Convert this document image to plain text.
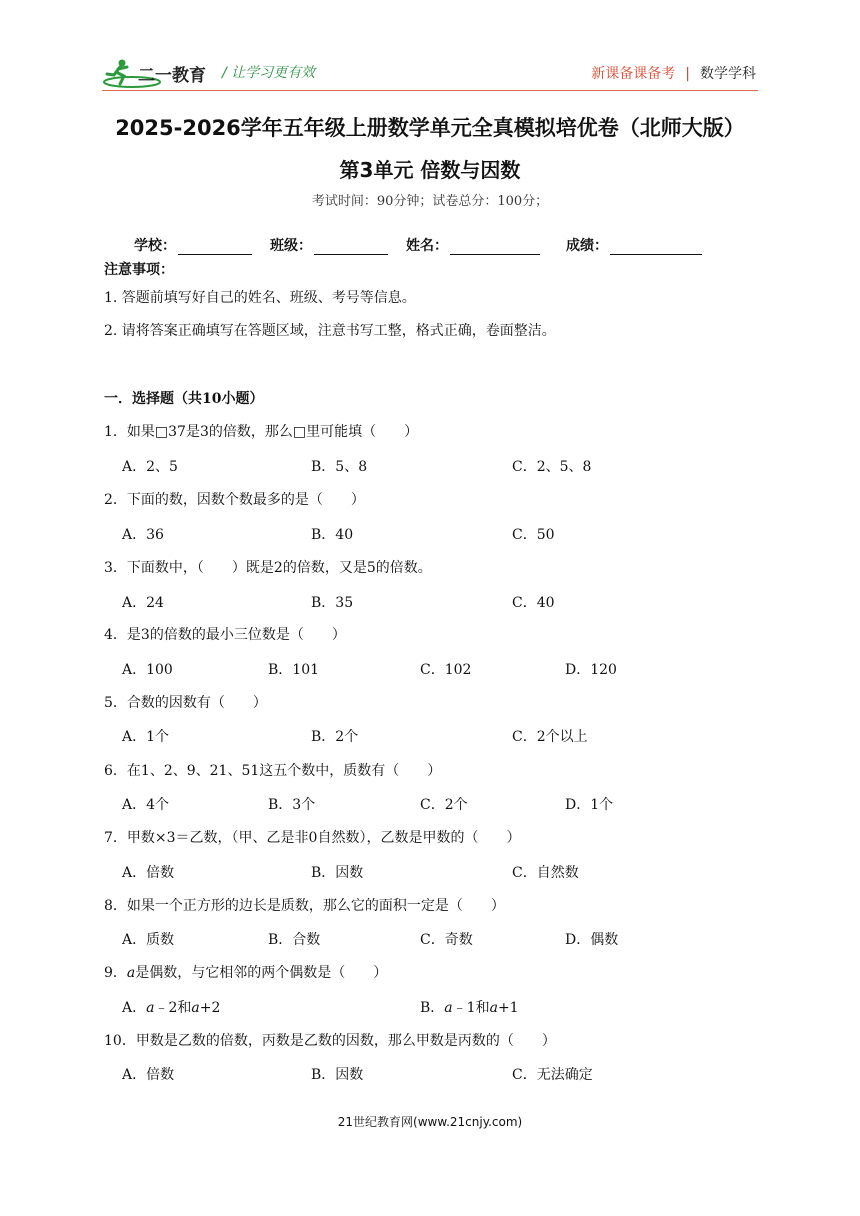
二一教育 / 让学习更有效	新课备课备考 | 数学学科
2025-2026学年五年级上册数学单元全真模拟培优卷（北师大版）
第3单元 倍数与因数
考试时间：90分钟；试卷总分：100分；
学校：	班级：	姓名：	成绩：
注意事项：
1. 答题前填写好自己的姓名、班级、考号等信息。
2. 请将答案正确填写在答题区域，注意书写工整，格式正确，卷面整洁。
一．选择题（共10小题）
1．如果□37是3的倍数，那么□里可能填（　　）
A．2、5	B．5、8	C．2、5、8
2．下面的数，因数个数最多的是（　　）
A．36	B．40	C．50
3．下面数中，（　　）既是2的倍数，又是5的倍数。
A．24	B．35	C．40
4．是3的倍数的最小三位数是（　　）
A．100	B．101	C．102	D．120
5．合数的因数有（　　）
A．1个	B．2个	C．2个以上
6．在1、2、9、21、51这五个数中，质数有（　　）
A．4个	B．3个	C．2个	D．1个
7．甲数×3＝乙数，（甲、乙是非0自然数），乙数是甲数的（　　）
A．倍数	B．因数	C．自然数
8．如果一个正方形的边长是质数，那么它的面积一定是（　　）
A．质数	B．合数	C．奇数	D．偶数
9．a是偶数，与它相邻的两个偶数是（　　）
A．a﹣2和a+2	B．a﹣1和a+1
10．甲数是乙数的倍数，丙数是乙数的因数，那么甲数是丙数的（　　）
A．倍数	B．因数	C．无法确定
21世纪教育网(www.21cnjy.com)
